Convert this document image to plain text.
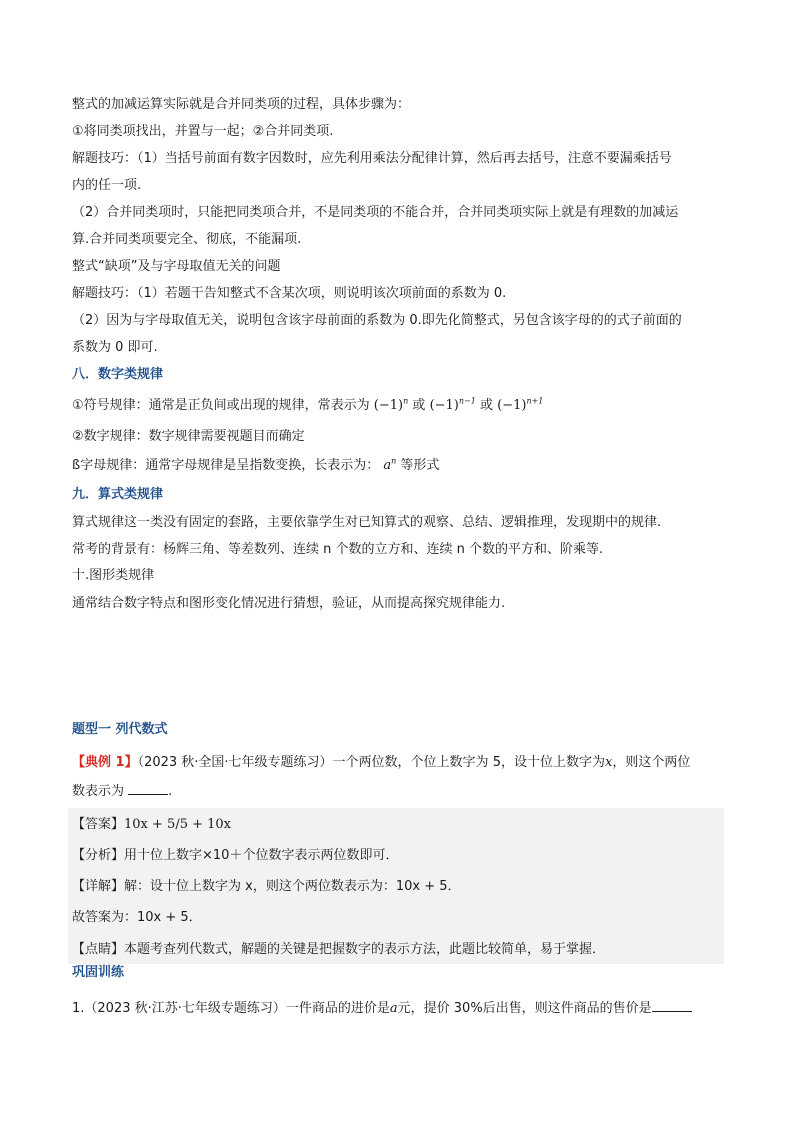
整式的加减运算实际就是合并同类项的过程，具体步骤为：
①将同类项找出，并置与一起；②合并同类项.
解题技巧：（1）当括号前面有数字因数时，应先利用乘法分配律计算，然后再去括号，注意不要漏乘括号
内的任一项.
（2）合并同类项时，只能把同类项合并，不是同类项的不能合并，合并同类项实际上就是有理数的加减运
算.合并同类项要完全、彻底，不能漏项.
整式“缺项”及与字母取值无关的问题
解题技巧：（1）若题干告知整式不含某次项，则说明该次项前面的系数为 0.
（2）因为与字母取值无关，说明包含该字母前面的系数为 0.即先化简整式，另包含该字母的的式子前面的
系数为 0 即可.
八．数字类规律
①符号规律：通常是正负间或出现的规律，常表示为 $(-1)^n$ 或 $(-1)^{n-1}$ 或 $(-1)^{n+1}$
②数字规律：数字规律需要视题目而确定
ß字母规律：通常字母规律是呈指数变换，长表示为： $a^n$ 等形式
九．算式类规律
算式规律这一类没有固定的套路，主要依靠学生对已知算式的观察、总结、逻辑推理，发现期中的规律.
常考的背景有：杨辉三角、等差数列、连续 n 个数的立方和、连续 n 个数的平方和、阶乘等.
十.图形类规律
通常结合数字特点和图形变化情况进行猜想，验证，从而提高探究规律能力.
题型一 列代数式
【典例 1】（2023 秋·全国·七年级专题练习）一个两位数，个位上数字为 5，设十位上数字为x，则这个两位
数表示为	.
【答案】10x + 5/5 + 10x
【分析】用十位上数字×10＋个位数字表示两位数即可．
【详解】解：设十位上数字为 x，则这个两位数表示为：10x + 5．
故答案为：10x + 5．
【点睛】本题考查列代数式，解题的关键是把握数字的表示方法，此题比较简单，易于掌握．
巩固训练
1.（2023 秋·江苏·七年级专题练习）一件商品的进价是a元，提价 30%后出售，则这件商品的售价是
